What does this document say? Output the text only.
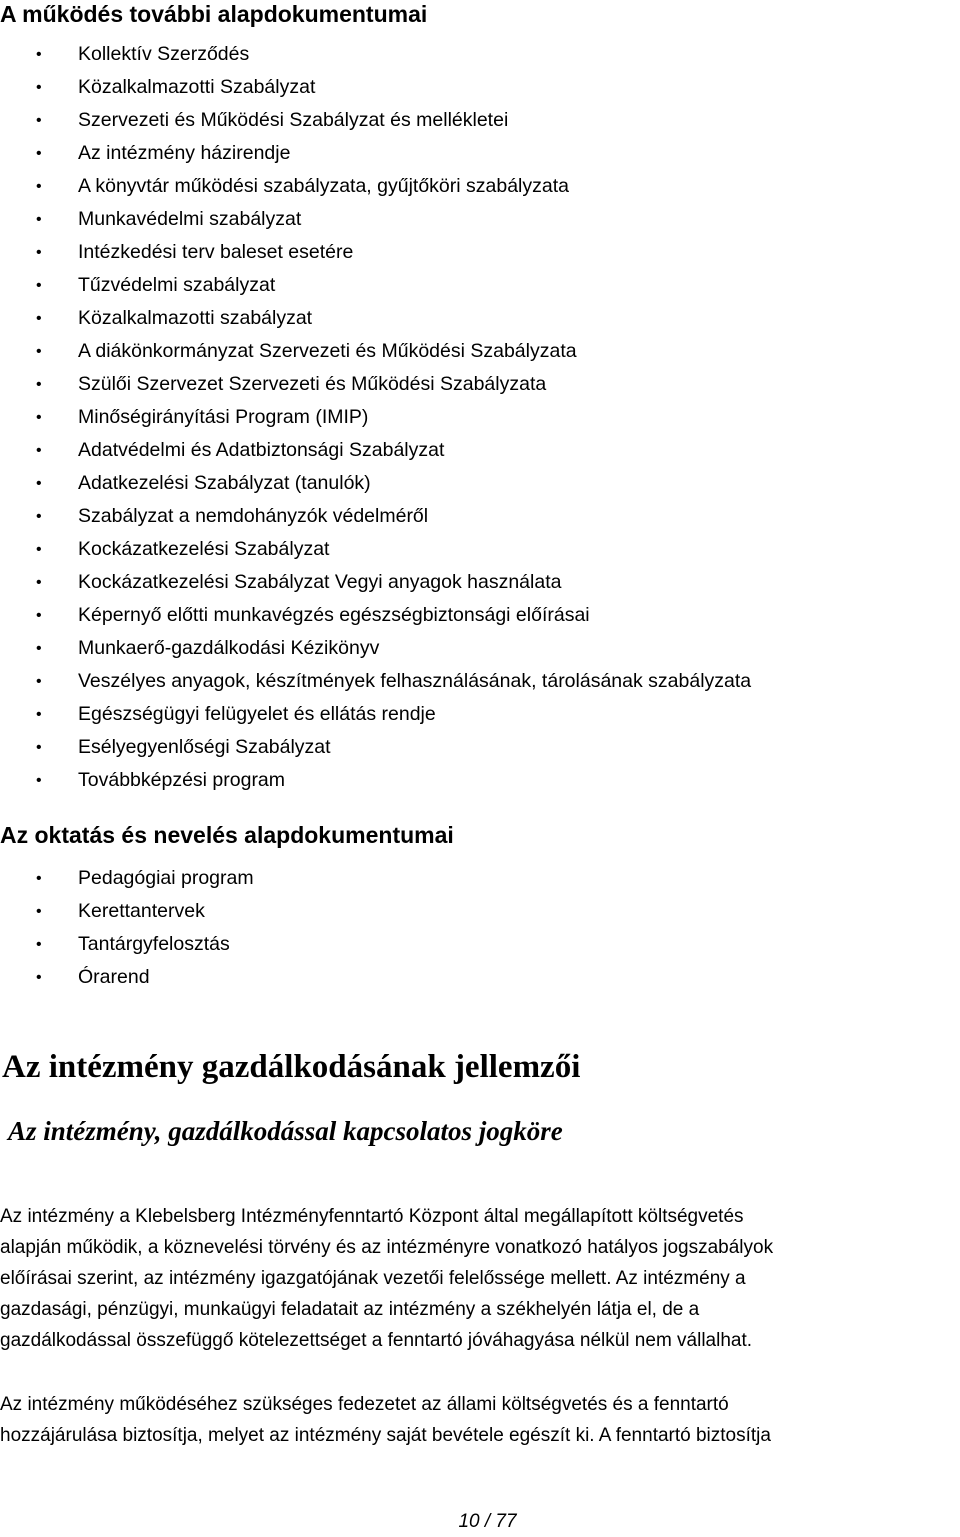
A működés további alapdokumentumai
• Kollektív Szerződés
• Közalkalmazotti Szabályzat
• Szervezeti és Működési Szabályzat és mellékletei
• Az intézmény házirendje
• A könyvtár működési szabályzata, gyűjtőköri szabályzata
• Munkavédelmi szabályzat
• Intézkedési terv baleset esetére
• Tűzvédelmi szabályzat
• Közalkalmazotti szabályzat
• A diákönkormányzat Szervezeti és Működési Szabályzata
• Szülői Szervezet Szervezeti és Működési Szabályzata
• Minőségirányítási Program (IMIP)
• Adatvédelmi és Adatbiztonsági Szabályzat
• Adatkezelési Szabályzat (tanulók)
• Szabályzat a nemdohányzók védelméről
• Kockázatkezelési Szabályzat
• Kockázatkezelési Szabályzat Vegyi anyagok használata
• Képernyő előtti munkavégzés egészségbiztonsági előírásai
• Munkaerő-gazdálkodási Kézikönyv
• Veszélyes anyagok, készítmények felhasználásának, tárolásának szabályzata
• Egészségügyi felügyelet és ellátás rendje
• Esélyegyenlőségi Szabályzat
• Továbbképzési program
Az oktatás és nevelés alapdokumentumai
• Pedagógiai program
• Kerettantervek
• Tantárgyfelosztás
• Órarend
Az intézmény gazdálkodásának jellemzői
Az intézmény, gazdálkodással kapcsolatos jogköre

Az intézmény a Klebelsberg Intézményfenntartó Központ által megállapított költségvetés
alapján működik, a köznevelési törvény és az intézményre vonatkozó hatályos jogszabályok
előírásai szerint, az intézmény igazgatójának vezetői felelőssége mellett. Az intézmény a
gazdasági, pénzügyi, munkaügyi feladatait az intézmény a székhelyén látja el, de a
gazdálkodással összefüggő kötelezettséget a fenntartó jóváhagyása nélkül nem vállalhat.

Az intézmény működéséhez szükséges fedezetet az állami költségvetés és a fenntartó
hozzájárulása biztosítja, melyet az intézmény saját bevétele egészít ki. A fenntartó biztosítja

10 / 77
